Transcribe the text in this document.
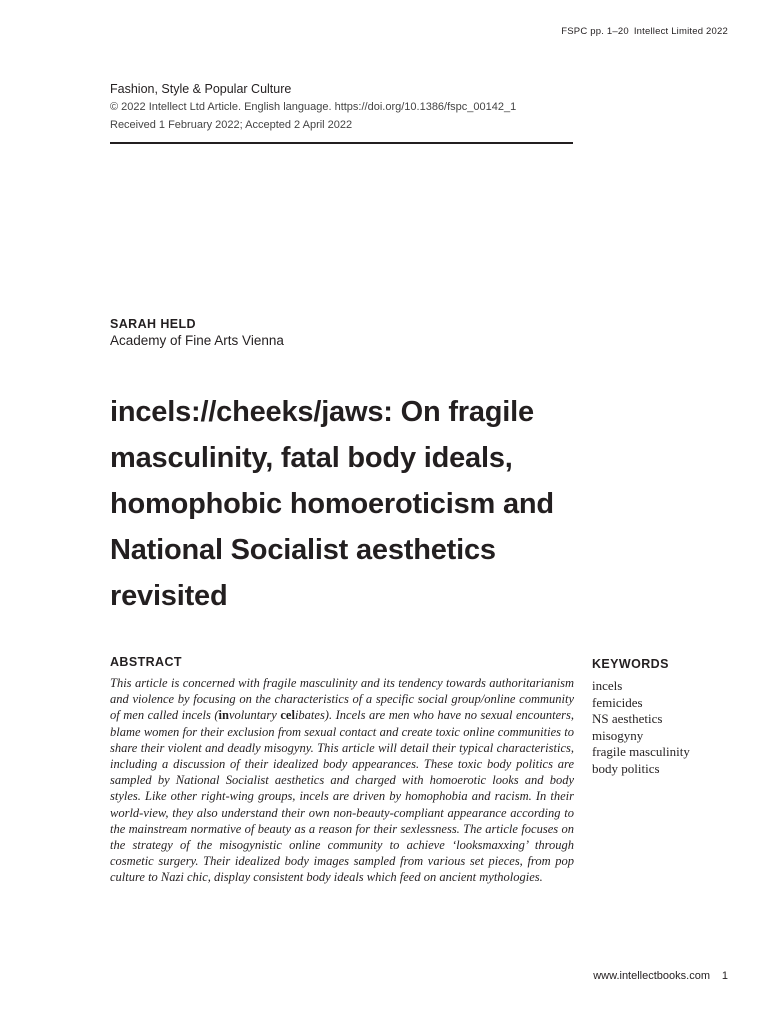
FSPC pp. 1–20 Intellect Limited 2022
Fashion, Style & Popular Culture
© 2022 Intellect Ltd Article. English language. https://doi.org/10.1386/fspc_00142_1
Received 1 February 2022; Accepted 2 April 2022
SARAH HELD
Academy of Fine Arts Vienna
incels://cheeks/jaws: On fragile masculinity, fatal body ideals, homophobic homoeroticism and National Socialist aesthetics revisited
ABSTRACT

This article is concerned with fragile masculinity and its tendency towards authoritarianism and violence by focusing on the characteristics of a specific social group/online community of men called incels (involuntary celibates). Incels are men who have no sexual encounters, blame women for their exclusion from sexual contact and create toxic online communities to share their violent and deadly misogyny. This article will detail their typical characteristics, including a discussion of their idealized body appearances. These toxic body politics are sampled by National Socialist aesthetics and charged with homoerotic looks and body styles. Like other right-wing groups, incels are driven by homophobia and racism. In their world-view, they also understand their own non-beauty-compliant appearance according to the mainstream normative of beauty as a reason for their sexlessness. The article focuses on the strategy of the misogynistic online community to achieve ‘looksmaxxing’ through cosmetic surgery. Their idealized body images sampled from various set pieces, from pop culture to Nazi chic, display consistent body ideals which feed on ancient mythologies.

KEYWORDS
incels
femicides
NS aesthetics
misogyny
fragile masculinity
body politics
www.intellectbooks.com 1
